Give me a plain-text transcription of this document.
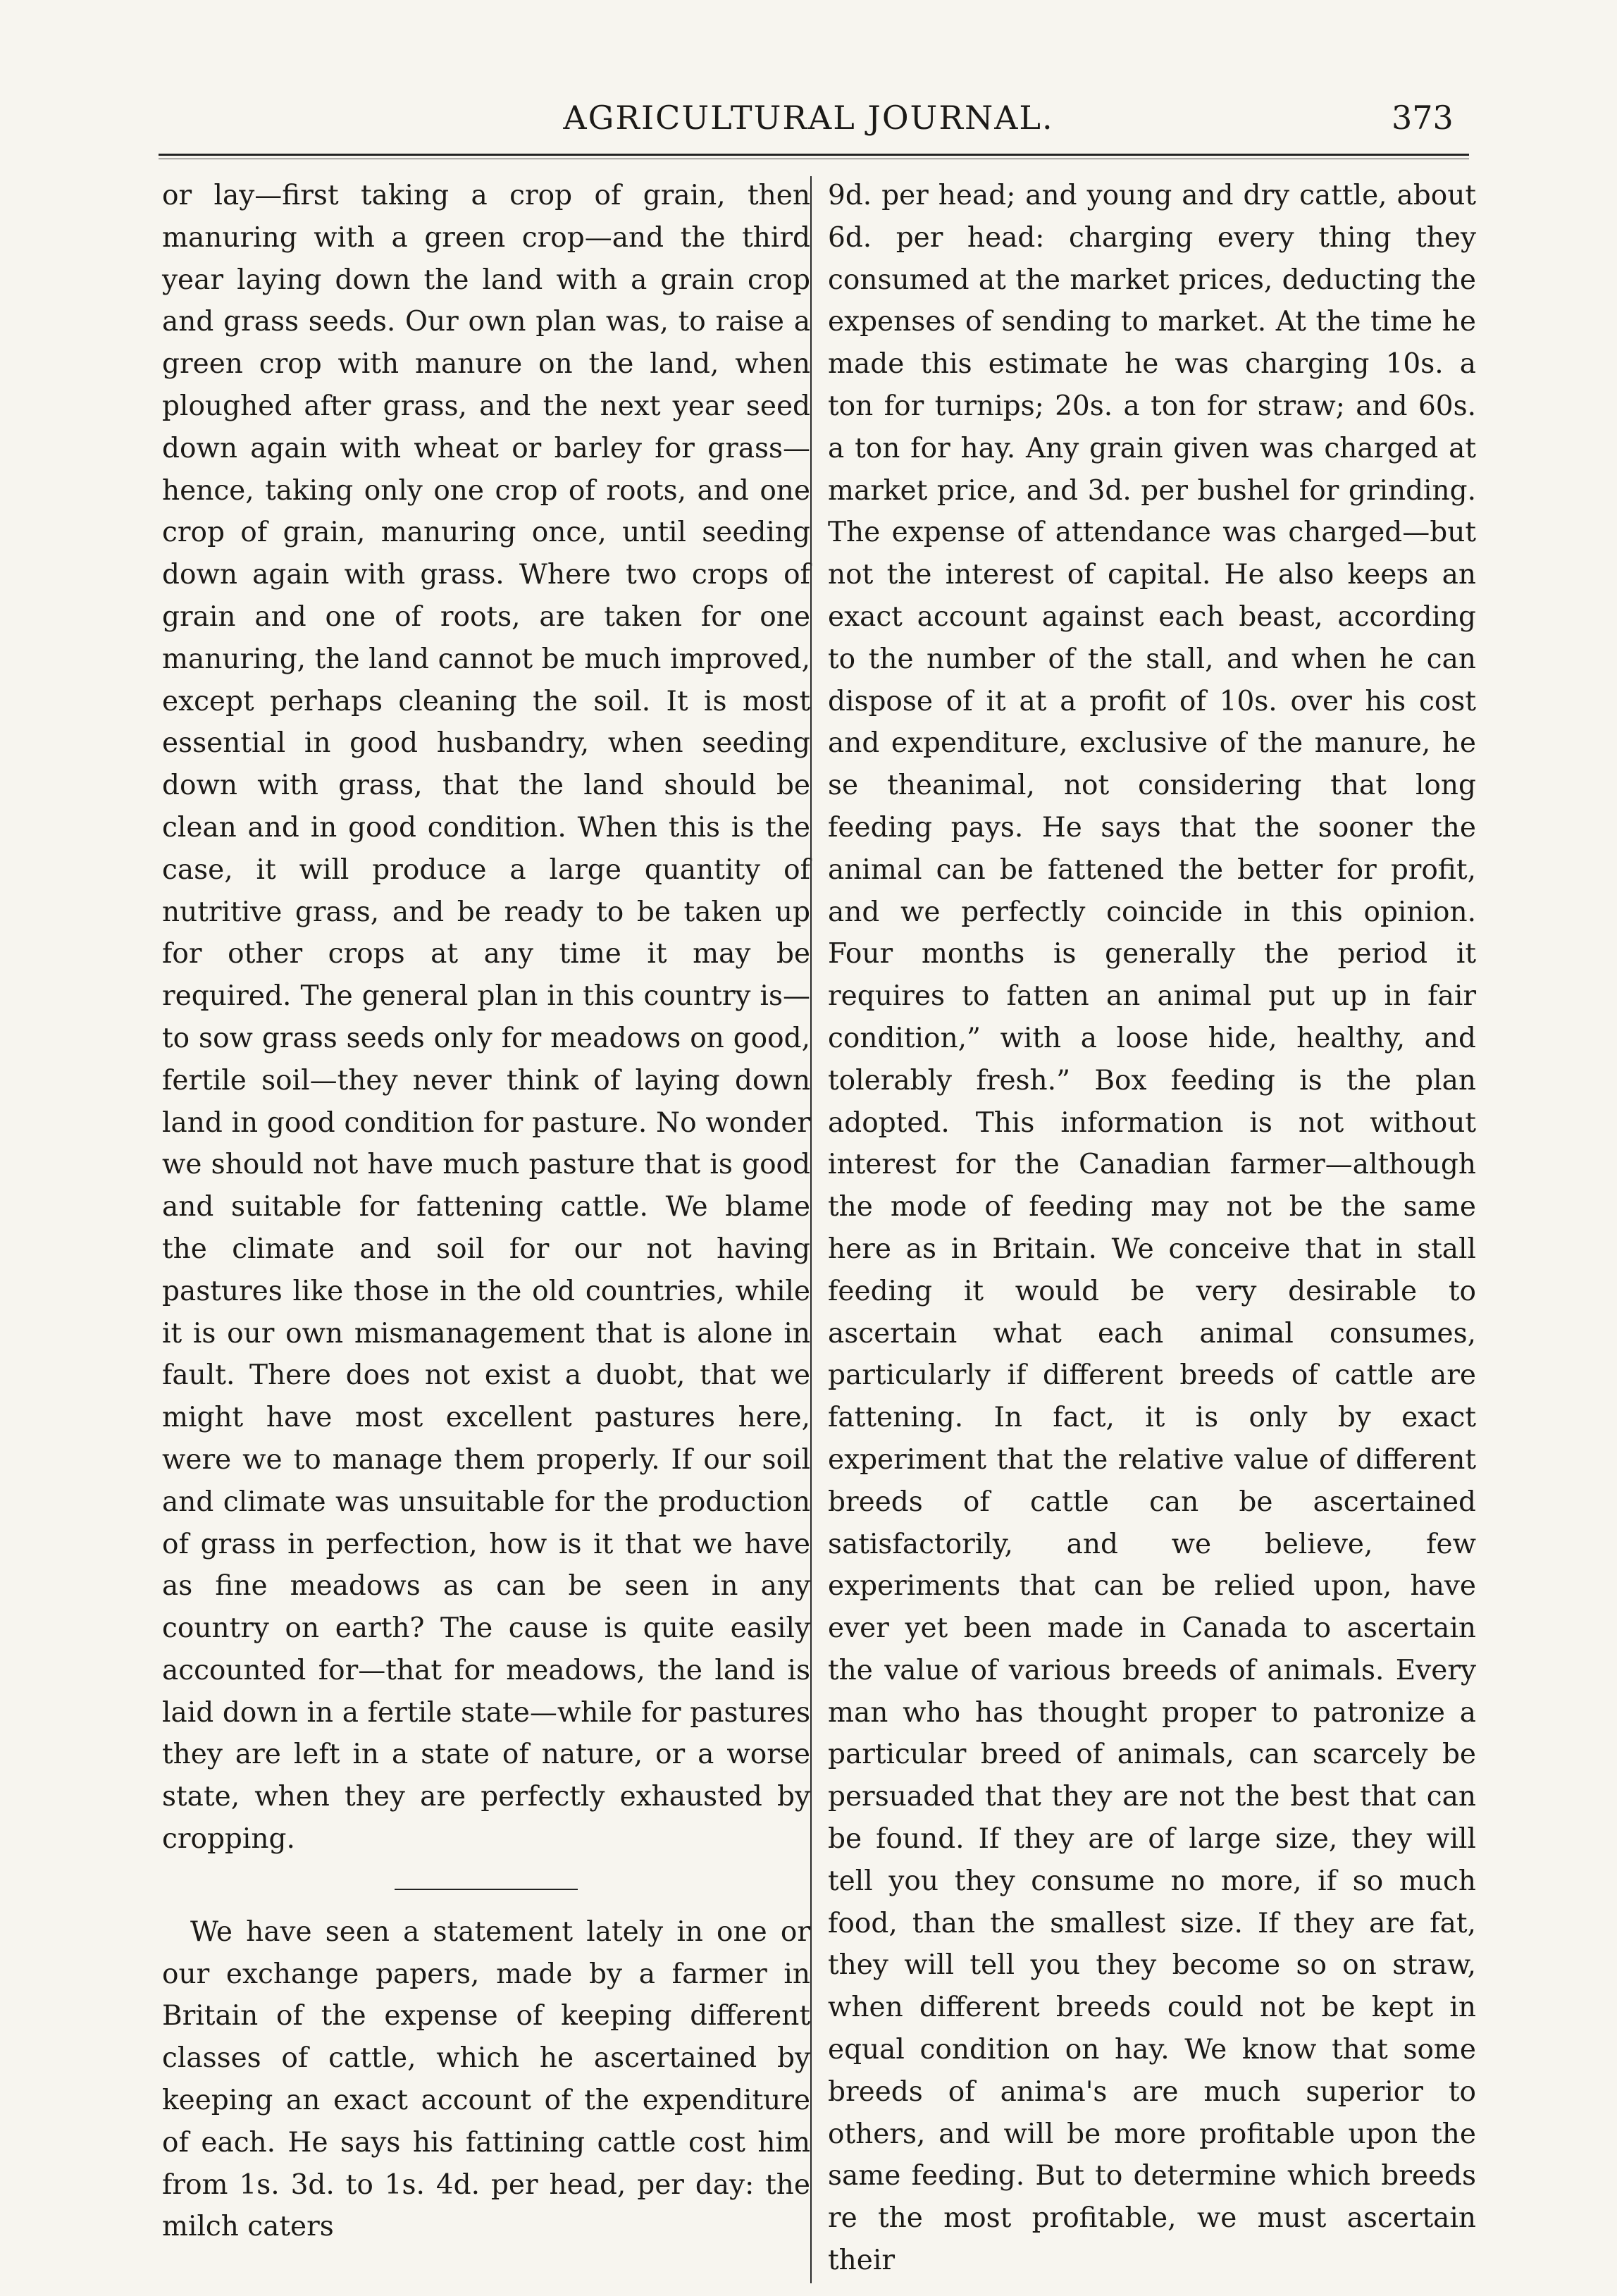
AGRICULTURAL JOURNAL.	373

or lay—first taking a crop of grain, then manuring with a green crop—and the third year laying down the land with a grain crop and grass seeds. Our own plan was, to raise a green crop with manure on the land, when ploughed after grass, and the next year seed down again with wheat or barley for grass—hence, taking only one crop of roots, and one crop of grain, manuring once, until seeding down again with grass. Where two crops of grain and one of roots, are taken for one manuring, the land cannot be much improved, except perhaps cleaning the soil. It is most essential in good husbandry, when seeding down with grass, that the land should be clean and in good condition. When this is the case, it will produce a large quantity of nutritive grass, and be ready to be taken up for other crops at any time it may be required. The general plan in this country is—to sow grass seeds only for meadows on good, fertile soil—they never think of laying down land in good condition for pasture. No wonder we should not have much pasture that is good and suitable for fattening cattle. We blame the climate and soil for our not having pastures like those in the old countries, while it is our own mismanagement that is alone in fault. There does not exist a duobt, that we might have most excellent pastures here, were we to manage them properly. If our soil and climate was unsuitable for the production of grass in perfection, how is it that we have as fine meadows as can be seen in any country on earth? The cause is quite easily accounted for—that for meadows, the land is laid down in a fertile state—while for pastures they are left in a state of nature, or a worse state, when they are perfectly exhausted by cropping.

We have seen a statement lately in one or our exchange papers, made by a farmer in Britain of the expense of keeping different classes of cattle, which he ascertained by keeping an exact account of the expenditure of each. He says his fattining cattle cost him from 1s. 3d. to 1s. 4d. per head, per day: the milch caters

9d. per head; and young and dry cattle, about 6d. per head: charging every thing they consumed at the market prices, deducting the expenses of sending to market. At the time he made this estimate he was charging 10s. a ton for turnips; 20s. a ton for straw; and 60s. a ton for hay. Any grain given was charged at market price, and 3d. per bushel for grinding. The expense of attendance was charged—but not the interest of capital. He also keeps an exact account against each beast, according to the number of the stall, and when he can dispose of it at a profit of 10s. over his cost and expenditure, exclusive of the manure, he se theanimal, not considering that long feeding pays. He says that the sooner the animal can be fattened the better for profit, and we perfectly coincide in this opinion. Four months is generally the period it requires to fatten an animal put up in fair condition,” with a loose hide, healthy, and tolerably fresh.” Box feeding is the plan adopted. This information is not without interest for the Canadian farmer—although the mode of feeding may not be the same here as in Britain. We conceive that in stall feeding it would be very desirable to ascertain what each animal consumes, particularly if different breeds of cattle are fattening. In fact, it is only by exact experiment that the relative value of different breeds of cattle can be ascertained satisfactorily, and we believe, few experiments that can be relied upon, have ever yet been made in Canada to ascertain the value of various breeds of animals. Every man who has thought proper to patronize a particular breed of animals, can scarcely be persuaded that they are not the best that can be found. If they are of large size, they will tell you they consume no more, if so much food, than the smallest size. If they are fat, they will tell you they become so on straw, when different breeds could not be kept in equal condition on hay. We know that some breeds of anima's are much superior to others, and will be more profitable upon the same feeding. But to determine which breeds re the most profitable, we must ascertain their
